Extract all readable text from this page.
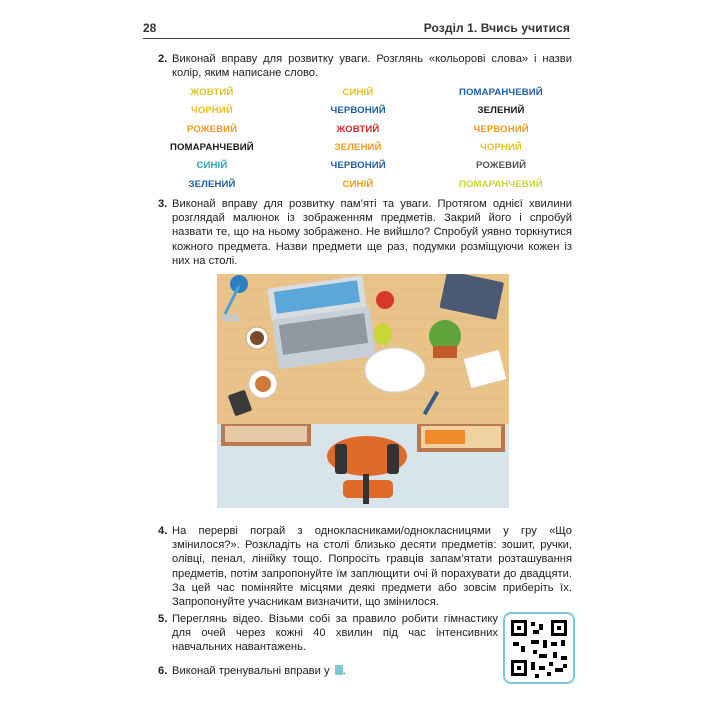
28	Розділ 1. Вчись учитися
2. Виконай вправу для розвитку уваги. Розглянь «кольорові слова» і назви колір, яким написане слово.
ЖОВТИЙ	СИНІЙ	ПОМАРАНЧЕВИЙ
ЧОРНИЙ	ЧЕРВОНИЙ	ЗЕЛЕНИЙ
РОЖЕВИЙ	ЖОВТИЙ	ЧЕРВОНИЙ
ПОМАРАНЧЕВИЙ	ЗЕЛЕНИЙ	ЧОРНИЙ
СИНІЙ	ЧЕРВОНИЙ	РОЖЕВИЙ
ЗЕЛЕНИЙ	СИНІЙ	ПОМАРАНЧЕВИЙ
3. Виконай вправу для розвитку пам’яті та уваги. Протягом однієї хвилини розглядай малюнок із зображенням предметів. Закрий його і спробуй назвати те, що на ньому зображено. Не вийшло? Спробуй уявно торкнутися кожного предмета. Назви предмети ще раз, подумки розміщуючи кожен із них на столі.
4. На перерві пограй з однокласниками/однокласницями у гру «Що змінилося?». Розкладіть на столі близько десяти предметів: зошит, ручки, олівці, пенал, лінійку тощо. Попросіть гравців запам’ятати розташування предметів, потім запропонуйте їм заплющити очі й порахувати до двадцяти. За цей час поміняйте місцями деякі предмети або зовсім приберіть їх. Запропонуйте учасникам визначити, що змінилося.
5. Переглянь відео. Візьми собі за правило робити гімнастику для очей через кожні 40 хвилин під час інтенсивних навчальних навантажень.
6. Виконай тренувальні вправи у .
